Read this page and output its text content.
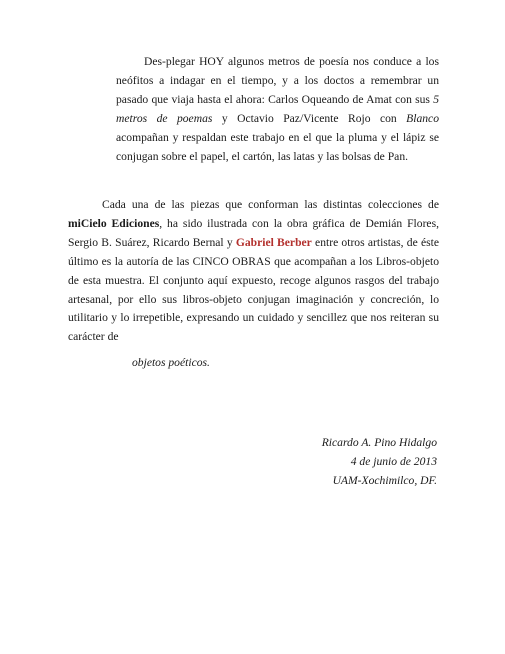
Des-plegar HOY algunos metros de poesía nos conduce a los neófitos a indagar en el tiempo, y a los doctos a remembrar un pasado que viaja hasta el ahora: Carlos Oqueando de Amat con sus 5 metros de poemas y Octavio Paz/Vicente Rojo con Blanco acompañan y respaldan este trabajo en el que la pluma y el lápiz se conjugan sobre el papel, el cartón, las latas y las bolsas de Pan.

Cada una de las piezas que conforman las distintas colecciones de miCielo Ediciones, ha sido ilustrada con la obra gráfica de Demián Flores, Sergio B. Suárez, Ricardo Bernal y Gabriel Berber entre otros artistas, de éste último es la autoría de las CINCO OBRAS que acompañan a los Libros-objeto de esta muestra. El conjunto aquí expuesto, recoge algunos rasgos del trabajo artesanal, por ello sus libros-objeto conjugan imaginación y concreción, lo utilitario y lo irrepetible, expresando un cuidado y sencillez que nos reiteran su carácter de

objetos poéticos.
Ricardo A. Pino Hidalgo
4 de junio de 2013
UAM-Xochimilco, DF.
